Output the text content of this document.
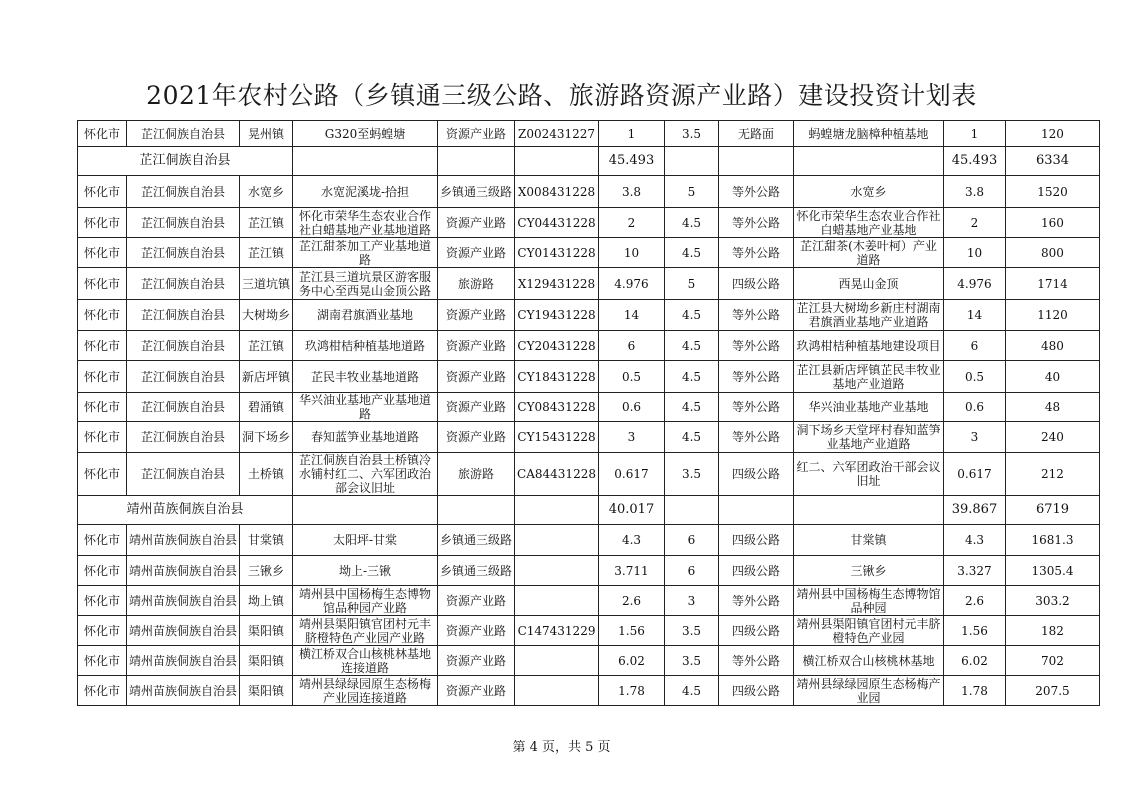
2021年农村公路（乡镇通三级公路、旅游路资源产业路）建设投资计划表
怀化市	芷江侗族自治县	晃州镇	G320至蚂蝗塘	资源产业路	Z002431227	1	3.5	无路面	蚂蝗塘龙脑樟种植基地	1	120
芷江侗族自治县						45.493				45.493	6334
怀化市	芷江侗族自治县	水宽乡	水宽泥溪垅-拾担	乡镇通三级路	X008431228	3.8	5	等外公路	水宽乡	3.8	1520
怀化市	芷江侗族自治县	芷江镇	怀化市荣华生态农业合作社白蜡基地产业基地道路	资源产业路	CY04431228	2	4.5	等外公路	怀化市荣华生态农业合作社白蜡基地产业基地	2	160
怀化市	芷江侗族自治县	芷江镇	芷江甜茶加工产业基地道路	资源产业路	CY01431228	10	4.5	等外公路	芷江甜茶(木姜叶柯）产业道路	10	800
怀化市	芷江侗族自治县	三道坑镇	芷江县三道坑景区游客服务中心至西晃山金顶公路	旅游路	X129431228	4.976	5	四级公路	西晃山金顶	4.976	1714
怀化市	芷江侗族自治县	大树坳乡	湖南君旗酒业基地	资源产业路	CY19431228	14	4.5	等外公路	芷江县大树坳乡新庄村湖南君旗酒业基地产业道路	14	1120
怀化市	芷江侗族自治县	芷江镇	玖鸿柑桔种植基地道路	资源产业路	CY20431228	6	4.5	等外公路	玖鸿柑桔种植基地建设项目	6	480
怀化市	芷江侗族自治县	新店坪镇	芷民丰牧业基地道路	资源产业路	CY18431228	0.5	4.5	等外公路	芷江县新店坪镇芷民丰牧业基地产业道路	0.5	40
怀化市	芷江侗族自治县	碧涌镇	华兴油业基地产业基地道路	资源产业路	CY08431228	0.6	4.5	等外公路	华兴油业基地产业基地	0.6	48
怀化市	芷江侗族自治县	洞下场乡	春知蓝笋业基地道路	资源产业路	CY15431228	3	4.5	等外公路	洞下场乡天堂坪村春知蓝笋业基地产业道路	3	240
怀化市	芷江侗族自治县	土桥镇	芷江侗族自治县土桥镇冷水铺村红二、六军团政治部会议旧址	旅游路	CA84431228	0.617	3.5	四级公路	红二、六军团政治干部会议旧址	0.617	212
靖州苗族侗族自治县						40.017				39.867	6719
怀化市	靖州苗族侗族自治县	甘棠镇	太阳坪-甘棠	乡镇通三级路		4.3	6	四级公路	甘棠镇	4.3	1681.3
怀化市	靖州苗族侗族自治县	三锹乡	坳上-三锹	乡镇通三级路		3.711	6	四级公路	三锹乡	3.327	1305.4
怀化市	靖州苗族侗族自治县	坳上镇	靖州县中国杨梅生态博物馆品种园产业路	资源产业路		2.6	3	等外公路	靖州县中国杨梅生态博物馆品种园	2.6	303.2
怀化市	靖州苗族侗族自治县	渠阳镇	靖州县渠阳镇官团村元丰脐橙特色产业园产业路	资源产业路	C147431229	1.56	3.5	四级公路	靖州县渠阳镇官团村元丰脐橙特色产业园	1.56	182
怀化市	靖州苗族侗族自治县	渠阳镇	横江桥双合山核桃林基地连接道路	资源产业路		6.02	3.5	等外公路	横江桥双合山核桃林基地	6.02	702
怀化市	靖州苗族侗族自治县	渠阳镇	靖州县绿绿园原生态杨梅产业园连接道路	资源产业路		1.78	4.5	四级公路	靖州县绿绿园原生态杨梅产业园	1.78	207.5
第 4 页，共 5 页
